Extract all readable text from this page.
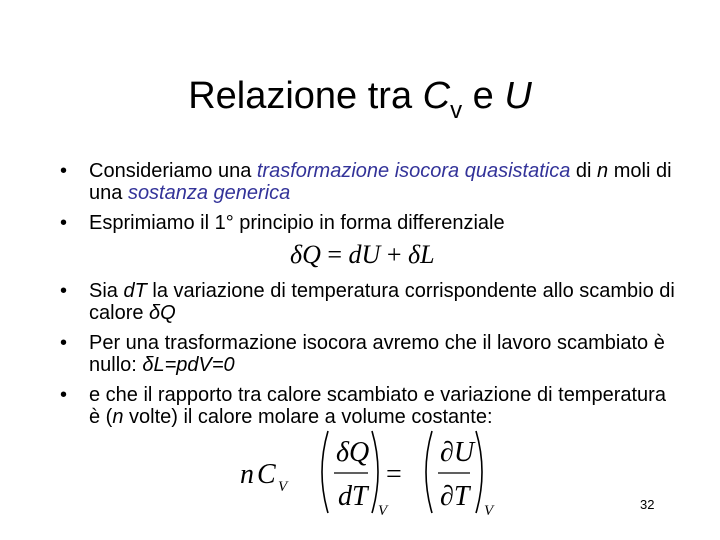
Relazione tra $C_v$ e U

• Consideriamo una trasformazione isocora quasistatica di n moli di una sostanza generica

• Esprimiamo il 1° principio in forma differenziale

• Sia dT la variazione di temperatura corrispondente allo scambio di calore δQ

• Per una trasformazione isocora avremo che il lavoro scambiato è nullo: δL=pdV=0

• e che il rapporto tra calore scambiato e variazione di temperatura è (n volte) il calore molare a volume costante:

δQ = dU + δL
n C V	=
δQ
dT V
∂U
∂T V	32
